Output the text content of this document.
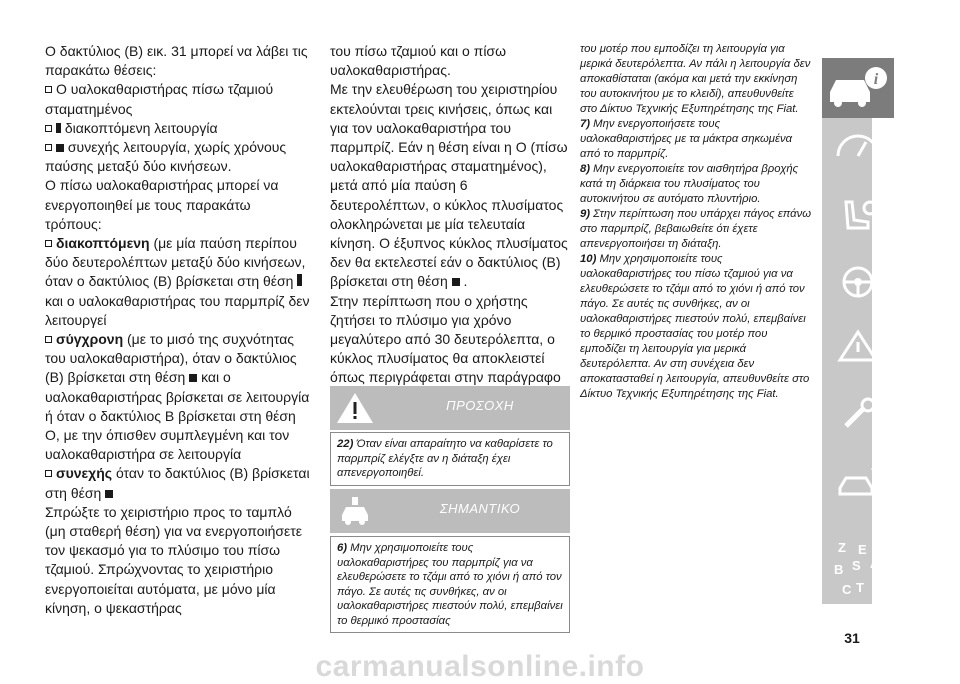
Ο δακτύλιος (B) εικ. 31 μπορεί να λάβει τις παρακάτω θέσεις:

O υαλοκαθαριστήρας πίσω τζαμιού σταματημένος

διακοπτόμενη λειτουργία

συνεχής λειτουργία, χωρίς χρόνους παύσης μεταξύ δύο κινήσεων.

Ο πίσω υαλοκαθαριστήρας μπορεί να ενεργοποιηθεί με τους παρακάτω τρόπους:

διακοπτόμενη (με μία παύση περίπου δύο δευτερολέπτων μεταξύ δύο κινήσεων, όταν ο δακτύλιος (B) βρίσκεται στη θέση  και ο υαλοκαθαριστήρας του παρμπρίζ δεν λειτουργεί

σύγχρονη (με το μισό της συχνότητας του υαλοκαθαριστήρα), όταν ο δακτύλιος (B) βρίσκεται στη θέση  και ο υαλοκαθαριστήρας βρίσκεται σε λειτουργία ή όταν ο δακτύλιος B βρίσκεται στη θέση O, με την όπισθεν συμπλεγμένη και τον υαλοκαθαριστήρα σε λειτουργία

συνεχής όταν το δακτύλιος (B) βρίσκεται στη θέση

Σπρώξτε το χειριστήριο προς το ταμπλό (μη σταθερή θέση) για να ενεργοποιήσετε τον ψεκασμό για το πλύσιμο του πίσω τζαμιού. Σπρώχνοντας το χειριστήριο ενεργοποιείται αυτόματα, με μόνο μία κίνηση, ο ψεκαστήρας

του πίσω τζαμιού και ο πίσω υαλοκαθαριστήρας.

Με την ελευθέρωση του χειριστηρίου εκτελούνται τρεις κινήσεις, όπως και για τον υαλοκαθαριστήρα του παρμπρίζ. Εάν η θέση είναι η O (πίσω υαλοκαθαριστήρας σταματημένος), μετά από μία παύση 6 δευτερολέπτων, ο κύκλος πλυσίματος ολοκληρώνεται με μία τελευταία κίνηση. Ο έξυπνος κύκλος πλυσίματος δεν θα εκτελεστεί εάν ο δακτύλιος (B) βρίσκεται στη θέση  .

Στην περίπτωση που ο χρήστης ζητήσει το πλύσιμο για χρόνο μεγαλύτερο από 30 δευτερόλεπτα, ο κύκλος πλυσίματος θα αποκλειστεί όπως περιγράφεται στην παράγραφο

ΠΡΟΣΟΧΗ
22) Όταν είναι απαραίτητο να καθαρίσετε το παρμπρίζ ελέγξτε αν η διάταξη έχει απενεργοποιηθεί.
ΣΗΜΑΝΤΙΚΟ
6) Μην χρησιμοποιείτε τους υαλοκαθαριστήρες του παρμπρίζ για να ελευθερώσετε το τζάμι από το χιόνι ή από τον πάγο. Σε αυτές τις συνθήκες, αν οι υαλοκαθαριστήρες πιεστούν πολύ, επεμβαίνει το θερμικό προστασίας

του μοτέρ που εμποδίζει τη λειτουργία για μερικά δευτερόλεπτα. Αν πάλι η λειτουργία δεν αποκαθίσταται (ακόμα και μετά την εκκίνηση του αυτοκινήτου με το κλειδί), απευθυνθείτε στο Δίκτυο Τεχνικής Εξυπηρέτησης της Fiat.

7) Μην ενεργοποιήσετε τους υαλοκαθαριστήρες με τα μάκτρα σηκωμένα από το παρμπρίζ.

8) Μην ενεργοποιείτε τον αισθητήρα βροχής κατά τη διάρκεια του πλυσίματος του αυτοκινήτου σε αυτόματο πλυντήριο.

9) Στην περίπτωση που υπάρχει πάγος επάνω στο παρμπρίζ, βεβαιωθείτε ότι έχετε απενεργοποιήσει τη διάταξη.

10) Μην χρησιμοποιείτε τους υαλοκαθαριστήρες του πίσω τζαμιού για να ελευθερώσετε το τζάμι από το χιόνι ή από τον πάγο. Σε αυτές τις συνθήκες, αν οι υαλοκαθαριστήρες πιεστούν πολύ, επεμβαίνει το θερμικό προστασίας του μοτέρ που εμποδίζει τη λειτουργία για μερικά δευτερόλεπτα. Αν στη συνέχεια δεν αποκατασταθεί η λειτουργία, απευθυνθείτε στο Δίκτυο Τεχνικής Εξυπηρέτησης της Fiat.

i
Z E
A
B S
C T D
31
carmanualsonline.info
